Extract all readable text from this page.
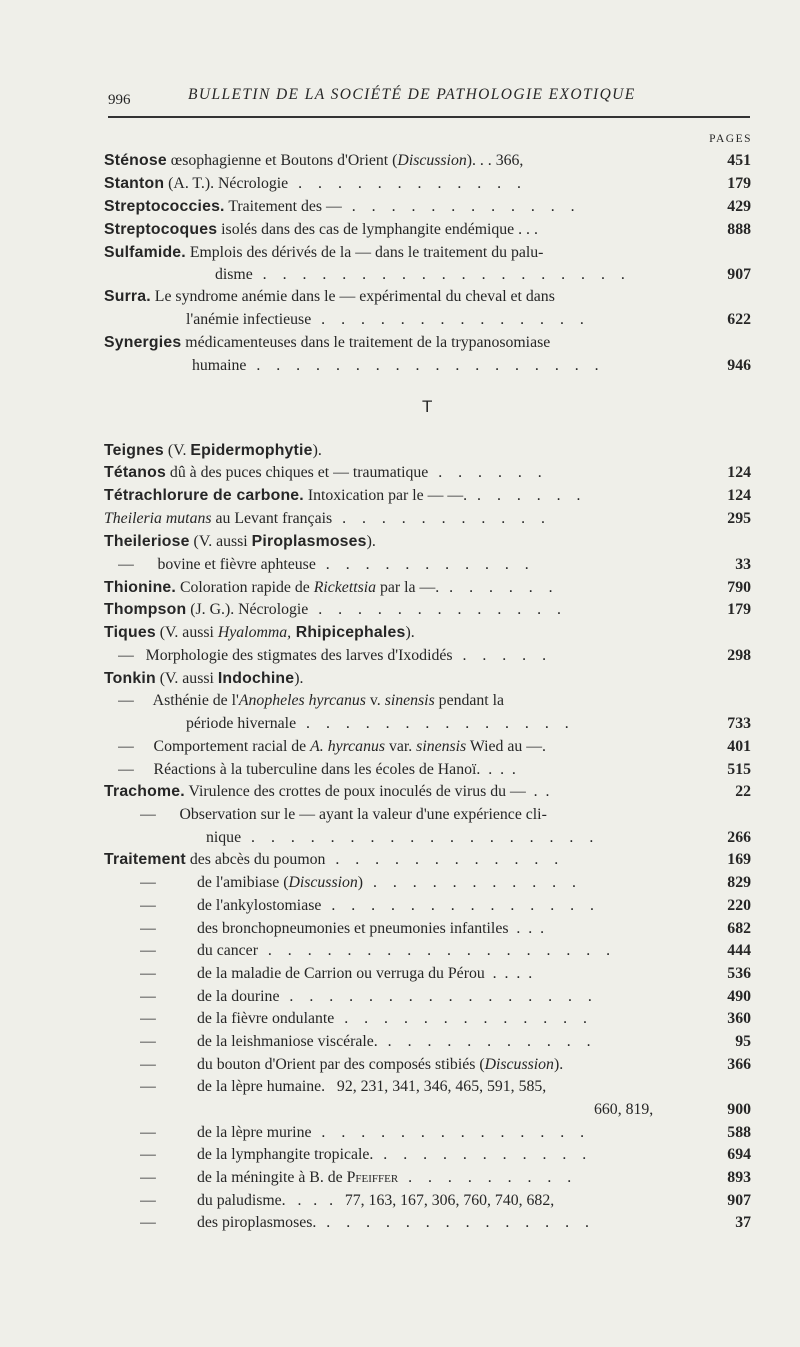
996	BULLETIN DE LA SOCIÉTÉ DE PATHOLOGIE EXOTIQUE
PAGES
Sténose œsophagienne et Boutons d'Orient (Discussion). . . 366,	451
Stanton (A. T.). Nécrologie . . . . . . . . . . . .	179
Streptococcies. Traitement des — . . . . . . . . . . . .	429
Streptocoques isolés dans des cas de lymphangite endémique . . .	888
Sulfamide. Emplois des dérivés de la — dans le traitement du palu-
disme . . . . . . . . . . . . . . . . . . .	907
Surra. Le syndrome anémie dans le — expérimental du cheval et dans
l'anémie infectieuse . . . . . . . . . . . . . .	622
Synergies médicamenteuses dans le traitement de la trypanosomiase
humaine . . . . . . . . . . . . . . . . . .	946
T
Teignes (V. Epidermophytie).
Tétanos dû à des puces chiques et — traumatique . . . . . .	124
Tétrachlorure de carbone. Intoxication par le — —. . . . . . .	124
Theileria mutans au Levant français . . . . . . . . . . .	295
Theileriose (V. aussi Piroplasmoses).
—      bovine et fièvre aphteuse . . . . . . . . . . .	33
Thionine. Coloration rapide de Rickettsia par la —. . . . . . .	790
Thompson (J. G.). Nécrologie . . . . . . . . . . . . .	179
Tiques (V. aussi Hyalomma, Rhipicephales).
—   Morphologie des stigmates des larves d'Ixodidés . . . . .	298
Tonkin (V. aussi Indochine).
—     Asthénie de l'Anopheles hyrcanus v. sinensis pendant la
période hivernale . . . . . . . . . . . . . .	733
—     Comportement racial de A. hyrcanus var. sinensis Wied au —.	401
—     Réactions à la tuberculine dans les écoles de Hanoï.  .  .  .	515
Trachome. Virulence des crottes de poux inoculés de virus du —  .  .	22
—      Observation sur le — ayant la valeur d'une expérience cli-
nique . . . . . . . . . . . . . . . . . .	266
Traitement des abcès du poumon . . . . . . . . . . . .	169
—	de l'amibiase (Discussion) . . . . . . . . . . .	829
—	de l'ankylostomiase . . . . . . . . . . . . . .	220
—	des bronchopneumonies et pneumonies infantiles  .  .  .	682
—	du cancer . . . . . . . . . . . . . . . . . .	444
—	de la maladie de Carrion ou verruga du Pérou  .  .  .  .	536
—	de la dourine . . . . . . . . . . . . . . . .	490
—	de la fièvre ondulante . . . . . . . . . . . . .	360
—	de la leishmaniose viscérale. . . . . . . . . . . .	95
—	du bouton d'Orient par des composés stibiés (Discussion).	366
—	de la lèpre humaine.   92, 231, 341, 346, 465, 591, 585,
660, 819,	900
—	de la lèpre murine . . . . . . . . . . . . . .	588
—	de la lymphangite tropicale. . . . . . . . . . . .	694
—	de la méningite à B. de Pfeiffer . . . . . . . . .	893
—	du paludisme.   .   .   .   77, 163, 167, 306, 760, 740, 682,	907
—	des piroplasmoses. . . . . . . . . . . . . . .	37
